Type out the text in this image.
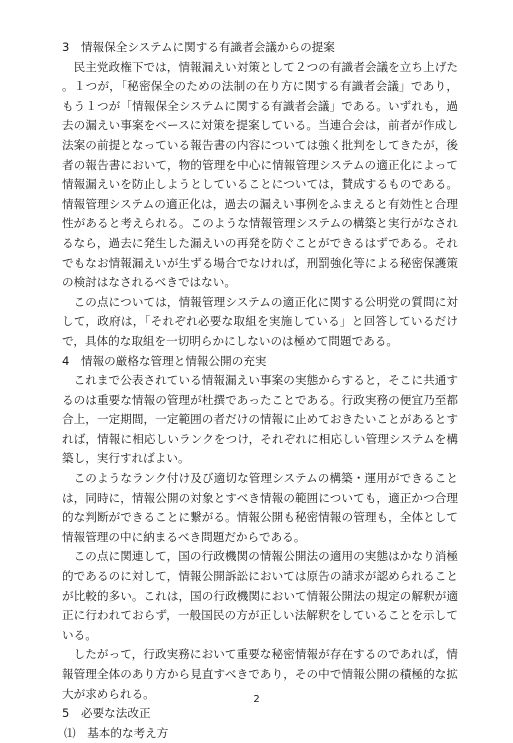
3　情報保全システムに関する有識者会議からの提案

民主党政権下では，情報漏えい対策として２つの有識者会議を立ち上げた。１つが，「秘密保全のための法制の在り方に関する有識者会議」であり，もう１つが「情報保全システムに関する有識者会議」である。いずれも，過去の漏えい事案をベースに対策を提案している。当連合会は，前者が作成し法案の前提となっている報告書の内容については強く批判をしてきたが，後者の報告書において，物的管理を中心に情報管理システムの適正化によって情報漏えいを防止しようとしていることについては，賛成するものである。情報管理システムの適正化は，過去の漏えい事例をふまえると有効性と合理性があると考えられる。このような情報管理システムの構築と実行がなされるなら，過去に発生した漏えいの再発を防ぐことができるはずである。それでもなお情報漏えいが生ずる場合でなければ，刑罰強化等による秘密保護策の検討はなされるべきではない。

この点については，情報管理システムの適正化に関する公明党の質問に対して，政府は，「それぞれ必要な取組を実施している」と回答しているだけで，具体的な取組を一切明らかにしないのは極めて問題である。

4　情報の厳格な管理と情報公開の充実

これまで公表されている情報漏えい事案の実態からすると，そこに共通するのは重要な情報の管理が杜撰であったことである。行政実務の便宜乃至都合上，一定期間，一定範囲の者だけの情報に止めておきたいことがあるとすれば，情報に相応しいランクをつけ，それぞれに相応しい管理システムを構築し，実行すればよい。

このようなランク付け及び適切な管理システムの構築・運用ができることは，同時に，情報公開の対象とすべき情報の範囲についても，適正かつ合理的な判断ができることに繋がる。情報公開も秘密情報の管理も，全体として情報管理の中に納まるべき問題だからである。

この点に関連して，国の行政機関の情報公開法の適用の実態はかなり消極的であるのに対して，情報公開訴訟においては原告の請求が認められることが比較的多い。これは，国の行政機関において情報公開法の規定の解釈が適正に行われておらず，一般国民の方が正しい法解釈をしていることを示している。

したがって，行政実務において重要な秘密情報が存在するのであれば，情報管理全体のあり方から見直すべきであり，その中で情報公開の積極的な拡大が求められる。

5　必要な法改正
⑴　基本的な考え方
2
